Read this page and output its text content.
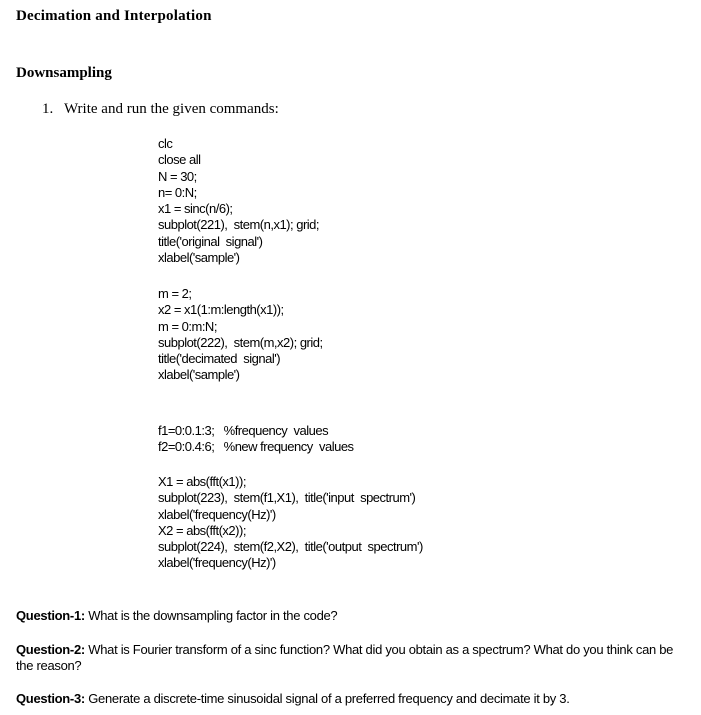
Decimation and Interpolation
Downsampling
1. Write and run the given commands:
clc
close all
N = 30;
n= 0:N;
x1 = sinc(n/6);
subplot(221),  stem(n,x1); grid;
title('original  signal')
xlabel('sample')
m = 2;
x2 = x1(1:m:length(x1));
m = 0:m:N;
subplot(222),  stem(m,x2); grid;
title('decimated  signal')
xlabel('sample')
f1=0:0.1:3;   %frequency  values
f2=0:0.4:6;   %new frequency  values
X1 = abs(fft(x1));
subplot(223),  stem(f1,X1),  title('input  spectrum')
xlabel('frequency(Hz)')
X2 = abs(fft(x2));
subplot(224),  stem(f2,X2),  title('output  spectrum')
xlabel('frequency(Hz)')
Question-1: What is the downsampling factor in the code?
Question-2: What is Fourier transform of a sinc function? What did you obtain as a spectrum? What do you think can be the reason?
Question-3: Generate a discrete-time sinusoidal signal of a preferred frequency and decimate it by 3.
